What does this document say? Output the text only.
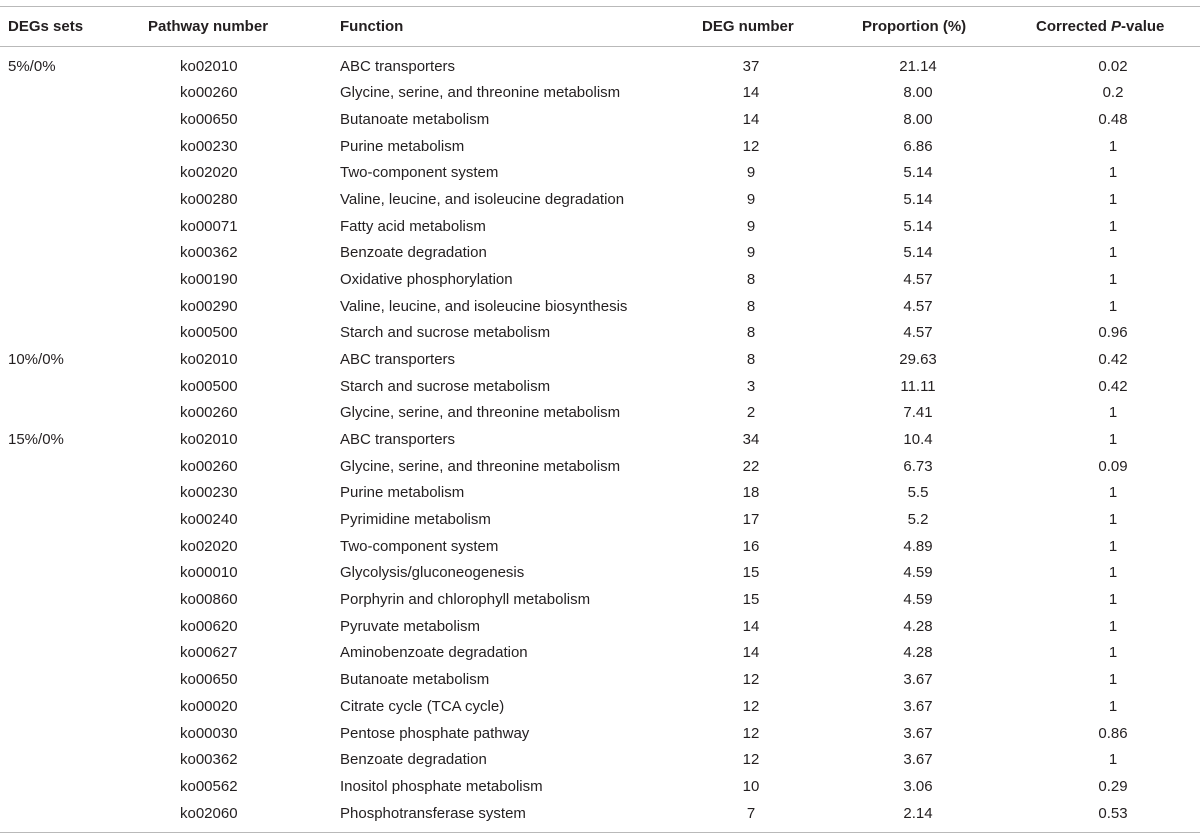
DEGs sets	Pathway number	Function	DEG number	Proportion (%)	Corrected P-value
5%/0%	ko02010	ABC transporters	37	21.14	0.02
ko00260	Glycine, serine, and threonine metabolism	14	8.00	0.2
ko00650	Butanoate metabolism	14	8.00	0.48
ko00230	Purine metabolism	12	6.86	1
ko02020	Two-component system	9	5.14	1
ko00280	Valine, leucine, and isoleucine degradation	9	5.14	1
ko00071	Fatty acid metabolism	9	5.14	1
ko00362	Benzoate degradation	9	5.14	1
ko00190	Oxidative phosphorylation	8	4.57	1
ko00290	Valine, leucine, and isoleucine biosynthesis	8	4.57	1
ko00500	Starch and sucrose metabolism	8	4.57	0.96
10%/0%	ko02010	ABC transporters	8	29.63	0.42
ko00500	Starch and sucrose metabolism	3	11.11	0.42
ko00260	Glycine, serine, and threonine metabolism	2	7.41	1
15%/0%	ko02010	ABC transporters	34	10.4	1
ko00260	Glycine, serine, and threonine metabolism	22	6.73	0.09
ko00230	Purine metabolism	18	5.5	1
ko00240	Pyrimidine metabolism	17	5.2	1
ko02020	Two-component system	16	4.89	1
ko00010	Glycolysis/gluconeogenesis	15	4.59	1
ko00860	Porphyrin and chlorophyll metabolism	15	4.59	1
ko00620	Pyruvate metabolism	14	4.28	1
ko00627	Aminobenzoate degradation	14	4.28	1
ko00650	Butanoate metabolism	12	3.67	1
ko00020	Citrate cycle (TCA cycle)	12	3.67	1
ko00030	Pentose phosphate pathway	12	3.67	0.86
ko00362	Benzoate degradation	12	3.67	1
ko00562	Inositol phosphate metabolism	10	3.06	0.29
ko02060	Phosphotransferase system	7	2.14	0.53
